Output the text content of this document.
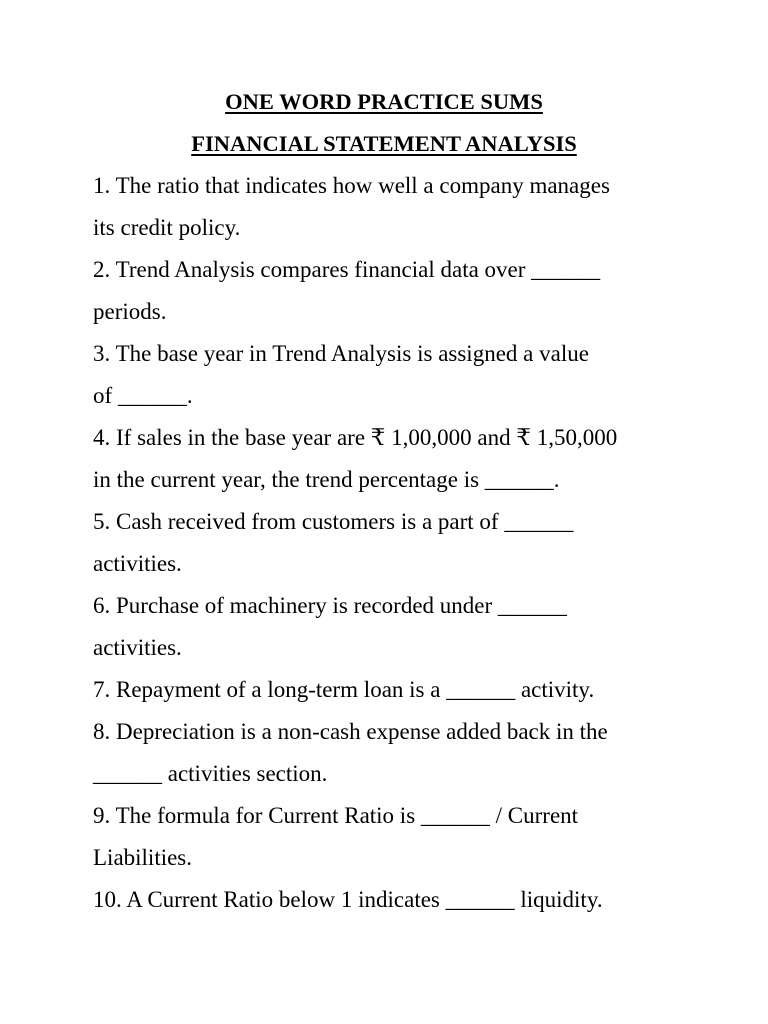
ONE WORD PRACTICE SUMS
FINANCIAL STATEMENT ANALYSIS
1. The ratio that indicates how well a company manages
its credit policy.
2. Trend Analysis compares financial data over ______
periods.
3. The base year in Trend Analysis is assigned a value
of ______.
4. If sales in the base year are ₹ 1,00,000 and ₹ 1,50,000
in the current year, the trend percentage is ______.
5. Cash received from customers is a part of ______
activities.
6. Purchase of machinery is recorded under ______
activities.
7. Repayment of a long-term loan is a ______ activity.
8. Depreciation is a non-cash expense added back in the
______ activities section.
9. The formula for Current Ratio is ______ / Current
Liabilities.
10. A Current Ratio below 1 indicates ______ liquidity.
